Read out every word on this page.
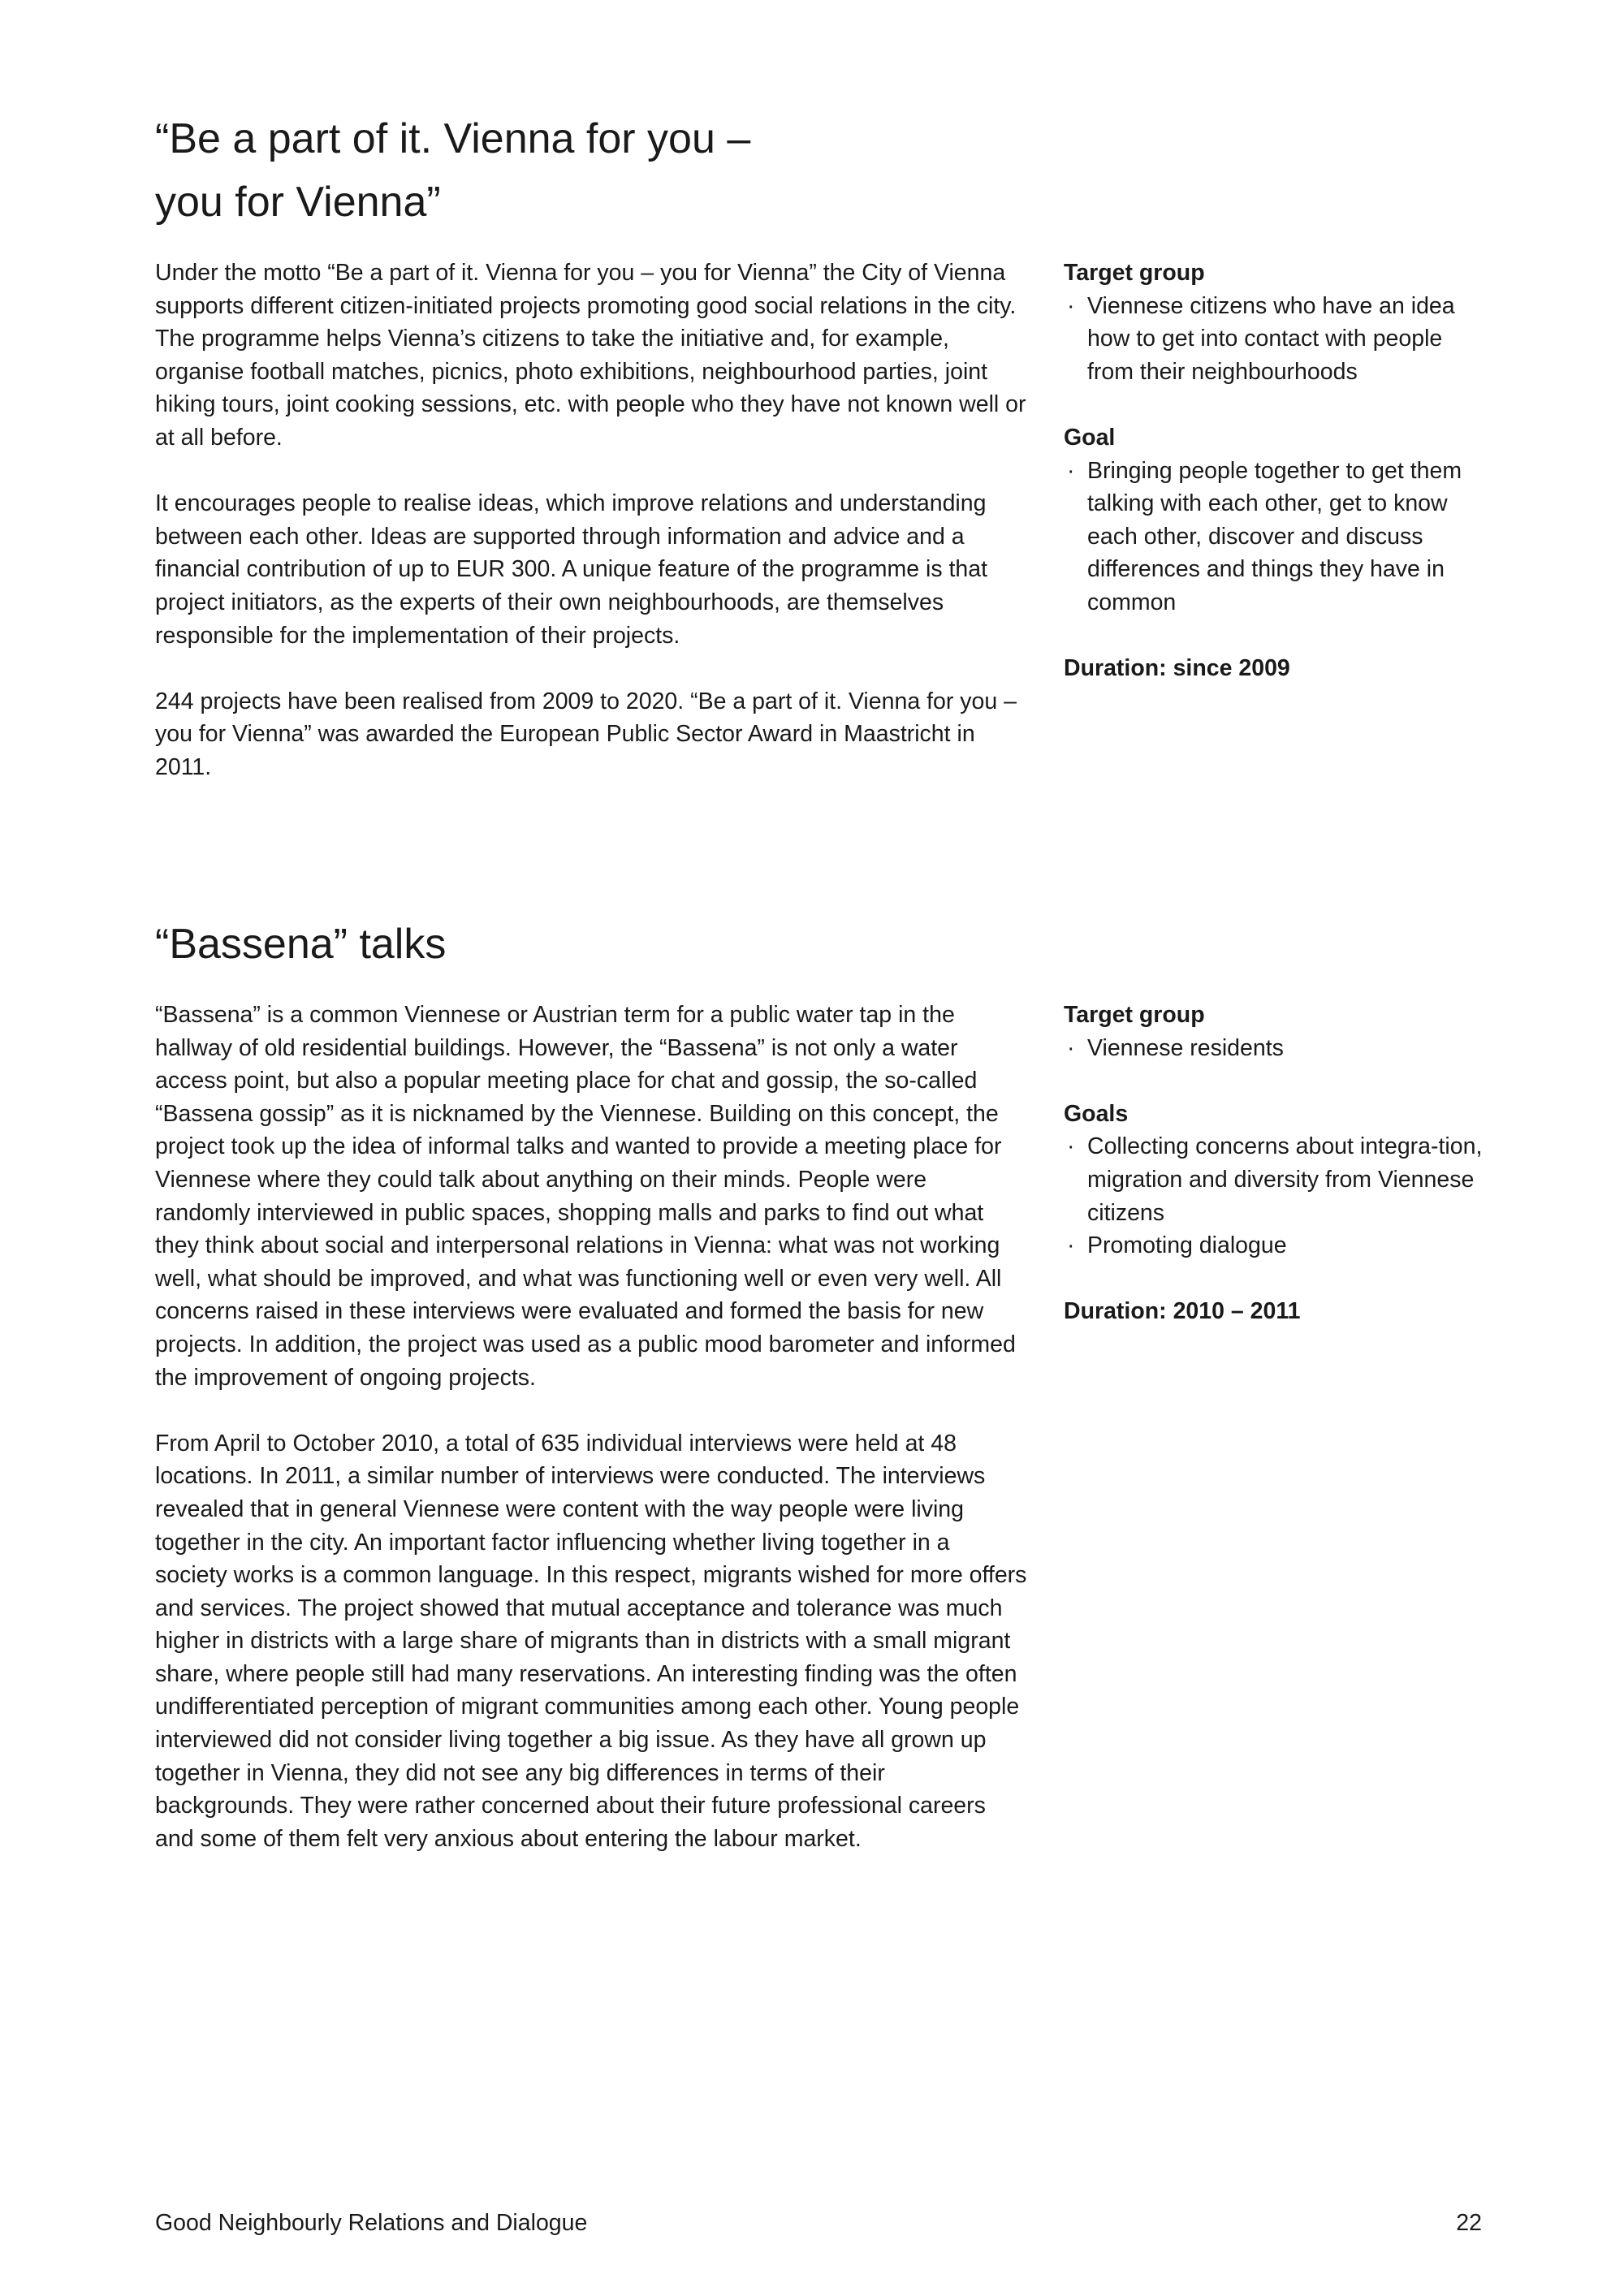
“Be a part of it. Vienna for you –
you for Vienna”

Under the motto “Be a part of it. Vienna for you – you for Vienna” the City of Vienna supports different citizen-initiated projects promoting good social relations in the city. The programme helps Vienna’s citizens to take the initiative and, for example, organise football matches, picnics, photo exhibitions, neighbourhood parties, joint hiking tours, joint cooking sessions, etc. with people who they have not known well or at all before.

It encourages people to realise ideas, which improve relations and understanding between each other. Ideas are supported through information and advice and a financial contribution of up to EUR 300. A unique feature of the programme is that project initiators, as the experts of their own neighbourhoods, are themselves responsible for the implementation of their projects.

244 projects have been realised from 2009 to 2020. “Be a part of it. Vienna for you – you for Vienna” was awarded the European Public Sector Award in Maastricht in 2011.

Target group

· Viennese citizens who have an idea how to get into contact with people from their neighbourhoods

Goal

· Bringing people together to get them talking with each other, get to know each other, discover and discuss differences and things they have in common

Duration: since 2009

“Bassena” talks

“Bassena” is a common Viennese or Austrian term for a public water tap in the hallway of old residential buildings. However, the “Bassena” is not only a water access point, but also a popular meeting place for chat and gossip, the so-called “Bassena gossip” as it is nicknamed by the Viennese. Building on this concept, the project took up the idea of informal talks and wanted to provide a meeting place for Viennese where they could talk about anything on their minds. People were randomly interviewed in public spaces, shopping malls and parks to find out what they think about social and interpersonal relations in Vienna: what was not working well, what should be improved, and what was functioning well or even very well. All concerns raised in these interviews were evaluated and formed the basis for new projects. In addition, the project was used as a public mood barometer and informed the improvement of ongoing projects.

From April to October 2010, a total of 635 individual interviews were held at 48 locations. In 2011, a similar number of interviews were conducted. The interviews revealed that in general Viennese were content with the way people were living together in the city. An important factor influencing whether living together in a society works is a common language. In this respect, migrants wished for more offers and services. The project showed that mutual acceptance and tolerance was much higher in districts with a large share of migrants than in districts with a small migrant share, where people still had many reservations. An interesting finding was the often undifferentiated perception of migrant communities among each other. Young people interviewed did not consider living together a big issue. As they have all grown up together in Vienna, they did not see any big differences in terms of their backgrounds. They were rather concerned about their future professional careers and some of them felt very anxious about entering the labour market.

Target group

· Viennese residents

Goals

· Collecting concerns about integra-tion, migration and diversity from Viennese citizens
· Promoting dialogue

Duration: 2010 – 2011

Good Neighbourly Relations and Dialogue	22
